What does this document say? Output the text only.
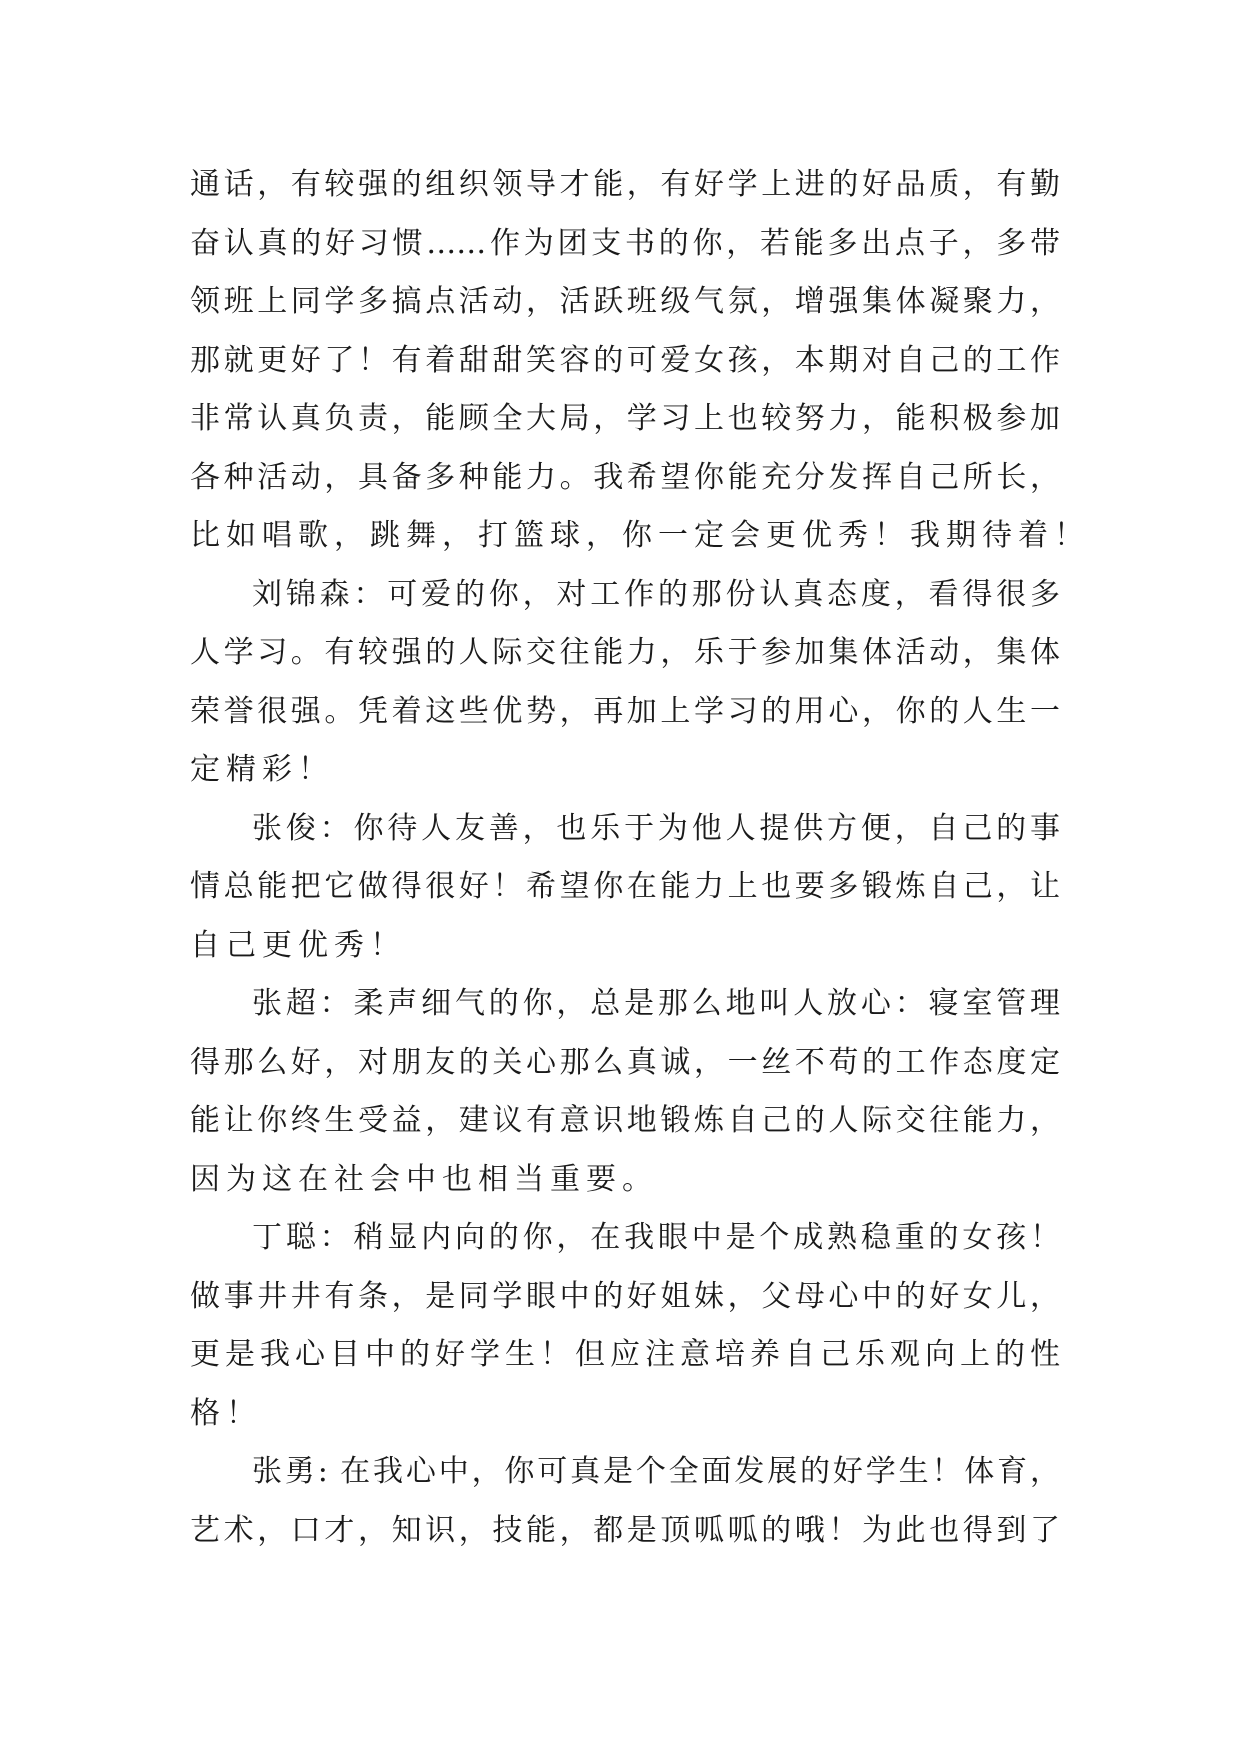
通话，有较强的组织领导才能，有好学上进的好品质，有勤
奋认真的好习惯……作为团支书的你，若能多出点子，多带
领班上同学多搞点活动，活跃班级气氛，增强集体凝聚力，
那就更好了！有着甜甜笑容的可爱女孩，本期对自己的工作
非常认真负责，能顾全大局，学习上也较努力，能积极参加
各种活动，具备多种能力。我希望你能充分发挥自己所长，
比如唱歌，跳舞，打篮球，你一定会更优秀！我期待着！
刘锦森：可爱的你，对工作的那份认真态度，看得很多
人学习。有较强的人际交往能力，乐于参加集体活动，集体
荣誉很强。凭着这些优势，再加上学习的用心，你的人生一
定精彩！
张俊：你待人友善，也乐于为他人提供方便，自己的事
情总能把它做得很好！希望你在能力上也要多锻炼自己，让
自己更优秀！
张超：柔声细气的你，总是那么地叫人放心：寝室管理
得那么好，对朋友的关心那么真诚，一丝不苟的工作态度定
能让你终生受益，建议有意识地锻炼自己的人际交往能力，
因为这在社会中也相当重要。
丁聪：稍显内向的你，在我眼中是个成熟稳重的女孩！
做事井井有条，是同学眼中的好姐妹，父母心中的好女儿，
更是我心目中的好学生！但应注意培养自己乐观向上的性
格！
张勇: 在我心中，你可真是个全面发展的好学生！体育，
艺术，口才，知识，技能，都是顶呱呱的哦！为此也得到了
